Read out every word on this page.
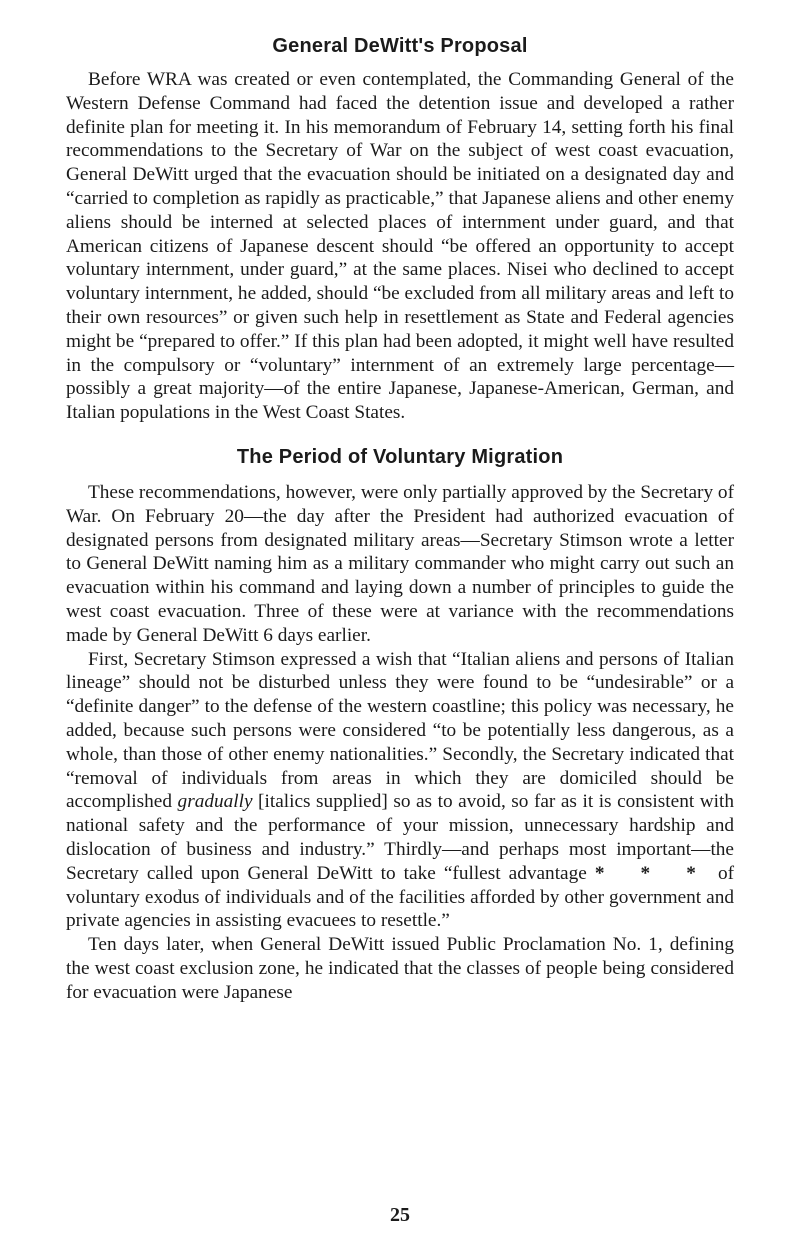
General DeWitt's Proposal

Before WRA was created or even contemplated, the Commanding General of the Western Defense Command had faced the detention issue and developed a rather definite plan for meeting it. In his memorandum of February 14, setting forth his final recommendations to the Secretary of War on the subject of west coast evacuation, General DeWitt urged that the evacuation should be initiated on a designated day and “carried to completion as rapidly as practicable,” that Japanese aliens and other enemy aliens should be interned at selected places of internment under guard, and that American citizens of Japanese descent should “be offered an opportunity to accept voluntary internment, under guard,” at the same places. Nisei who declined to accept voluntary internment, he added, should “be excluded from all military areas and left to their own resources” or given such help in resettlement as State and Federal agencies might be “prepared to offer.” If this plan had been adopted, it might well have resulted in the compulsory or “voluntary” internment of an extremely large percentage—possibly a great majority—of the entire Japanese, Japanese-American, German, and Italian populations in the West Coast States.

The Period of Voluntary Migration

These recommendations, however, were only partially approved by the Secretary of War. On February 20—the day after the President had authorized evacuation of designated persons from designated military areas—Secretary Stimson wrote a letter to General DeWitt naming him as a military commander who might carry out such an evacuation within his command and laying down a number of principles to guide the west coast evacuation. Three of these were at variance with the recommendations made by General DeWitt 6 days earlier.

First, Secretary Stimson expressed a wish that “Italian aliens and persons of Italian lineage” should not be disturbed unless they were found to be “undesirable” or a “definite danger” to the defense of the western coastline; this policy was necessary, he added, because such persons were considered “to be potentially less dangerous, as a whole, than those of other enemy nationalities.” Secondly, the Secretary indicated that “removal of individuals from areas in which they are domiciled should be accomplished gradually [italics supplied] so as to avoid, so far as it is consistent with national safety and the performance of your mission, unnecessary hardship and dislocation of business and industry.” Thirdly—and perhaps most important—the Secretary called upon General DeWitt to take “fullest advantage * * * of voluntary exodus of individuals and of the facilities afforded by other government and private agencies in assisting evacuees to resettle.”

Ten days later, when General DeWitt issued Public Proclamation No. 1, defining the west coast exclusion zone, he indicated that the classes of people being considered for evacuation were Japanese

25
